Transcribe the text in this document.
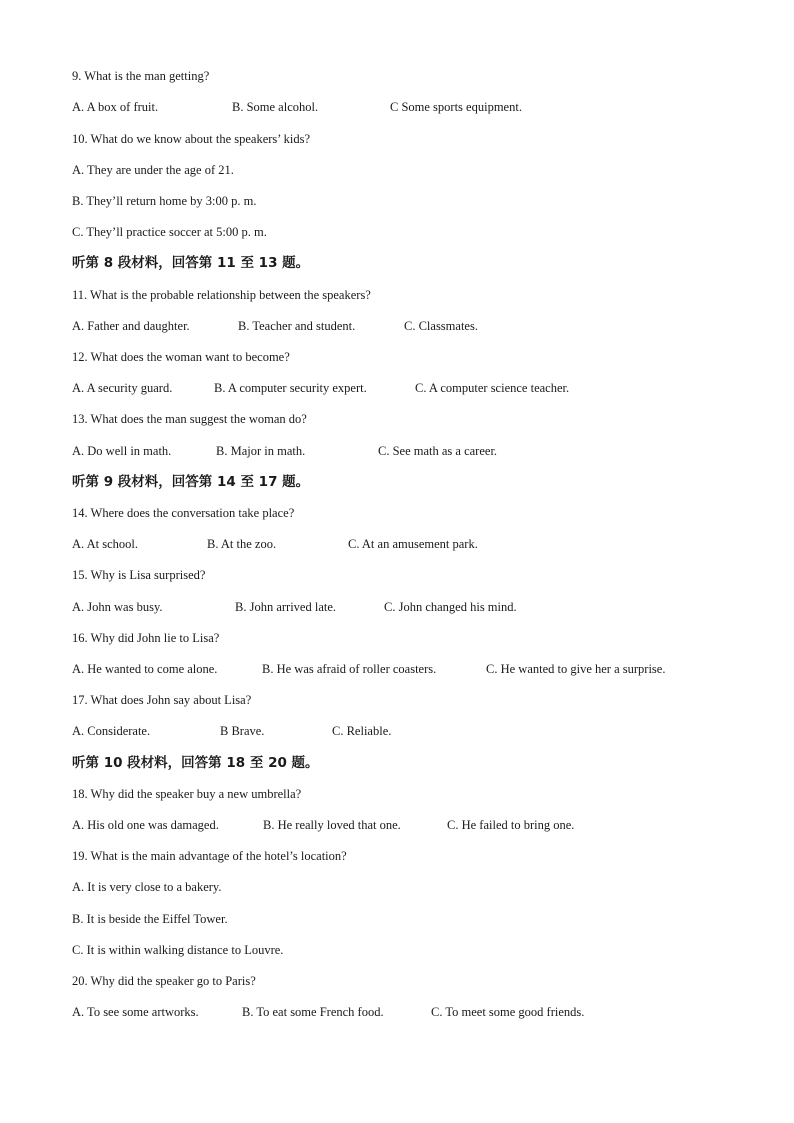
9. What is the man getting?
A. A box of fruit.	B. Some alcohol.	C Some sports equipment.
10. What do we know about the speakers’ kids?
A. They are under the age of 21.
B. They’ll return home by 3:00 p. m.
C. They’ll practice soccer at 5:00 p. m.
听第 8 段材料，回答第 11 至 13 题。
11. What is the probable relationship between the speakers?
A. Father and daughter.	B. Teacher and student.	C. Classmates.
12. What does the woman want to become?
A. A security guard.	B. A computer security expert.	C. A computer science teacher.
13. What does the man suggest the woman do?
A. Do well in math.	B. Major in math.	C. See math as a career.
听第 9 段材料，回答第 14 至 17 题。
14. Where does the conversation take place?
A. At school.	B. At the zoo.	C. At an amusement park.
15. Why is Lisa surprised?
A. John was busy.	B. John arrived late.	C. John changed his mind.
16. Why did John lie to Lisa?
A. He wanted to come alone.	B. He was afraid of roller coasters.	C. He wanted to give her a surprise.
17. What does John say about Lisa?
A. Considerate.	B Brave.	C. Reliable.
听第 10 段材料，回答第 18 至 20 题。
18. Why did the speaker buy a new umbrella?
A. His old one was damaged.	B. He really loved that one.	C. He failed to bring one.
19. What is the main advantage of the hotel’s location?
A. It is very close to a bakery.
B. It is beside the Eiffel Tower.
C. It is within walking distance to Louvre.
20. Why did the speaker go to Paris?
A. To see some artworks.	B. To eat some French food.	C. To meet some good friends.
